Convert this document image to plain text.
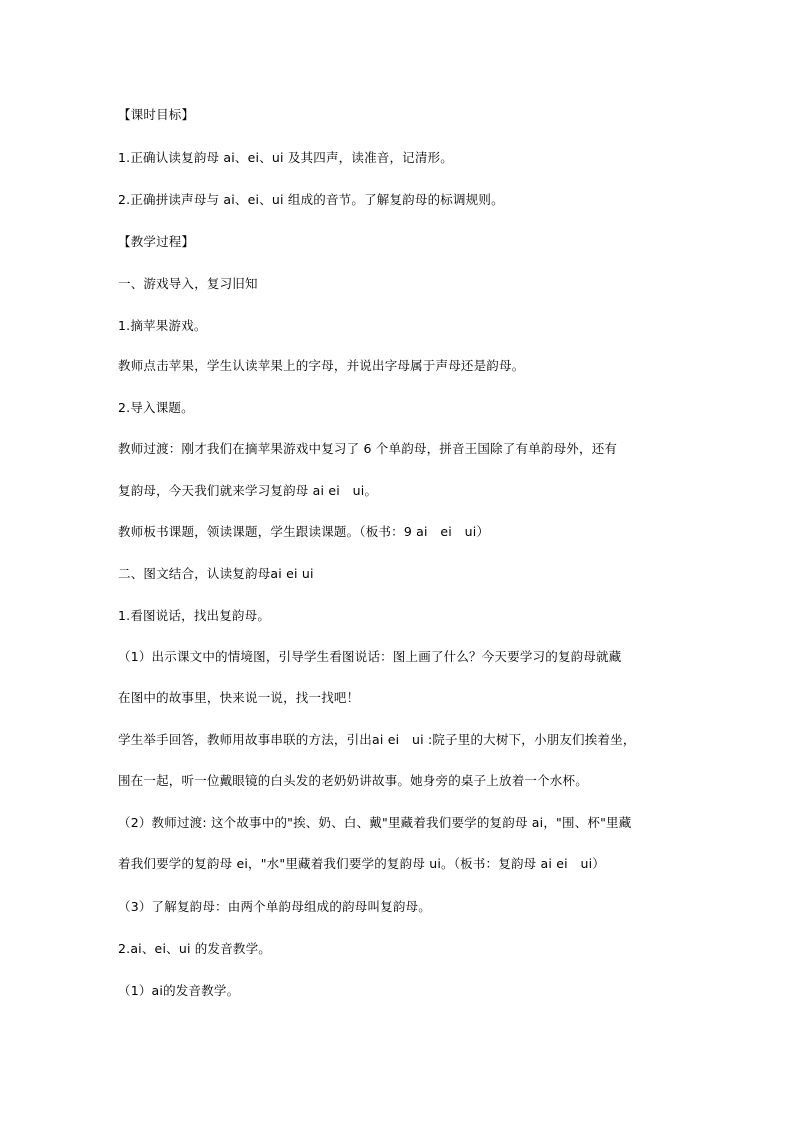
【课时目标】
1.正确认读复韵母 ai、ei、ui 及其四声，读准音，记清形。
2.正确拼读声母与 ai、ei、ui 组成的音节。了解复韵母的标调规则。
【教学过程】
一、游戏导入，复习旧知
1.摘苹果游戏。
教师点击苹果，学生认读苹果上的字母，并说出字母属于声母还是韵母。
2.导入课题。
教师过渡：刚才我们在摘苹果游戏中复习了 6 个单韵母，拼音王国除了有单韵母外，还有
复韵母，今天我们就来学习复韵母 ai ei　ui。
教师板书课题，领读课题，学生跟读课题。（板书：9 ai　ei　ui）
二、图文结合，认读复韵母ai ei ui
1.看图说话，找出复韵母。
（1）出示课文中的情境图，引导学生看图说话：图上画了什么？今天要学习的复韵母就藏
在图中的故事里，快来说一说，找一找吧！
学生举手回答，教师用故事串联的方法，引出ai ei　ui :院子里的大树下，小朋友们挨着坐，
围在一起，听一位戴眼镜的白头发的老奶奶讲故事。她身旁的桌子上放着一个水杯。
（2）教师过渡: 这个故事中的"挨、奶、白、戴"里藏着我们要学的复韵母 ai，"围、杯"里藏
着我们要学的复韵母 ei，"水"里藏着我们要学的复韵母 ui。（板书：复韵母 ai ei　ui）
（3）了解复韵母：由两个单韵母组成的韵母叫复韵母。
2.ai、ei、ui 的发音教学。
（1）ai的发音教学。
